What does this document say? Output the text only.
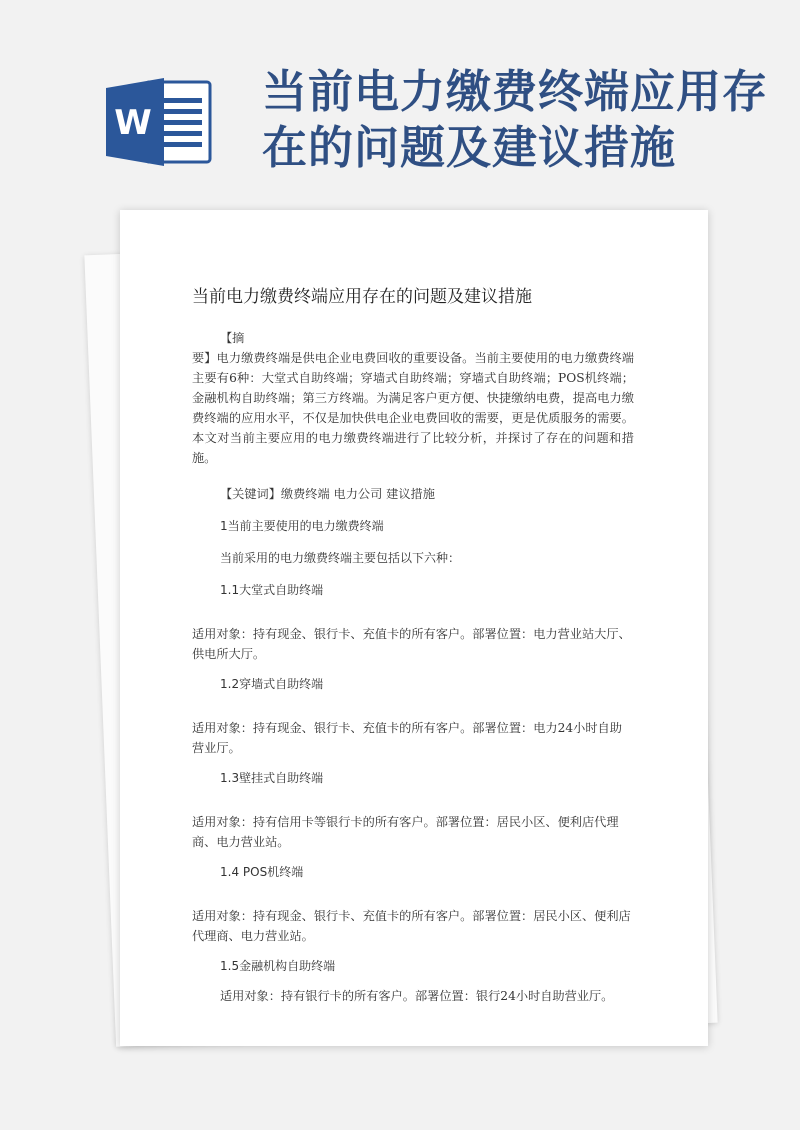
W
当前电力缴费终端应用存在的问题及建议措施
当前电力缴费终端应用存在的问题及建议措施

【摘

要】电力缴费终端是供电企业电费回收的重要设备。当前主要使用的电力缴费终端主要有6种：大堂式自助终端；穿墙式自助终端；穿墙式自助终端；POS机终端；金融机构自助终端；第三方终端。为满足客户更方便、快捷缴纳电费，提高电力缴费终端的应用水平，不仅是加快供电企业电费回收的需要，更是优质服务的需要。本文对当前主要应用的电力缴费终端进行了比较分析，并探讨了存在的问题和措施。

【关键词】缴费终端 电力公司 建议措施

1当前主要使用的电力缴费终端

当前采用的电力缴费终端主要包括以下六种：

1.1大堂式自助终端

适用对象：持有现金、银行卡、充值卡的所有客户。部署位置：电力营业站大厅、供电所大厅。

1.2穿墙式自助终端

适用对象：持有现金、银行卡、充值卡的所有客户。部署位置：电力24小时自助营业厅。

1.3壁挂式自助终端

适用对象：持有信用卡等银行卡的所有客户。部署位置：居民小区、便利店代理商、电力营业站。

1.4 POS机终端

适用对象：持有现金、银行卡、充值卡的所有客户。部署位置：居民小区、便利店代理商、电力营业站。

1.5金融机构自助终端

适用对象：持有银行卡的所有客户。部署位置：银行24小时自助营业厅。
